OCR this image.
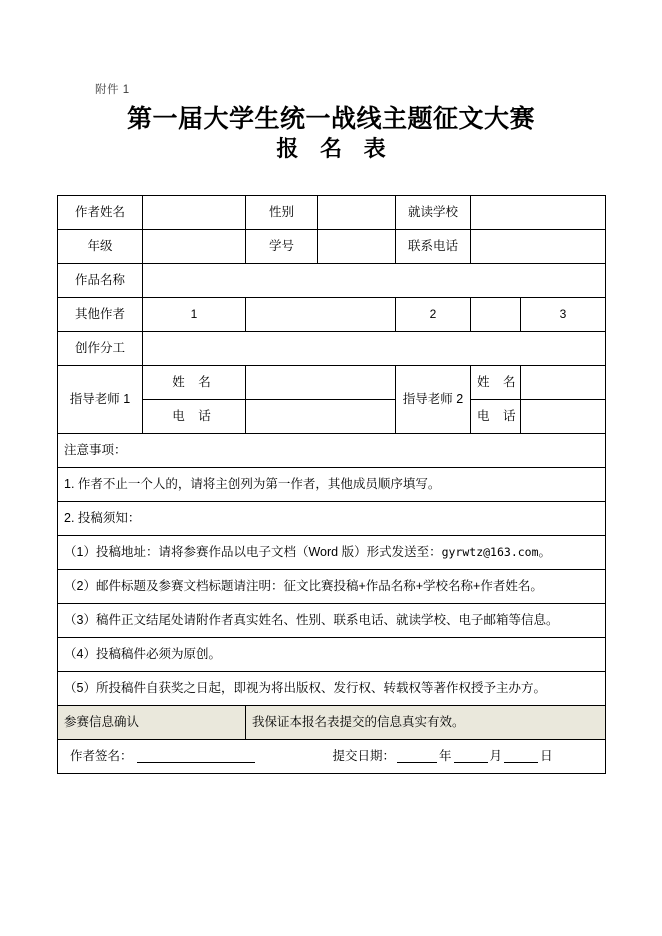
附件 1
第一届大学生统一战线主题征文大赛
报 名 表
作者姓名		性别		就读学校		
年级		学号		联系电话		
作品名称						
其他作者	1			2		3
创作分工						
指导老师 1	姓 名			指导老师 2	姓 名	
	电 话				电 话	
注意事项：						
1. 作者不止一个人的，请将主创列为第一作者，其他成员顺序填写。						
2. 投稿须知：						
（1）投稿地址：请将参赛作品以电子文档（Word 版）形式发送至：gyrwtz@163.com。						
（2）邮件标题及参赛文档标题请注明：征文比赛投稿+作品名称+学校名称+作者姓名。						
（3）稿件正文结尾处请附作者真实姓名、性别、联系电话、就读学校、电子邮箱等信息。						
（4）投稿稿件必须为原创。						
（5）所投稿件自获奖之日起，即视为将出版权、发行权、转载权等著作权授予主办方。						
参赛信息确认		我保证本报名表提交的信息真实有效。				

作者签名： 提交日期： 年 月 日						
